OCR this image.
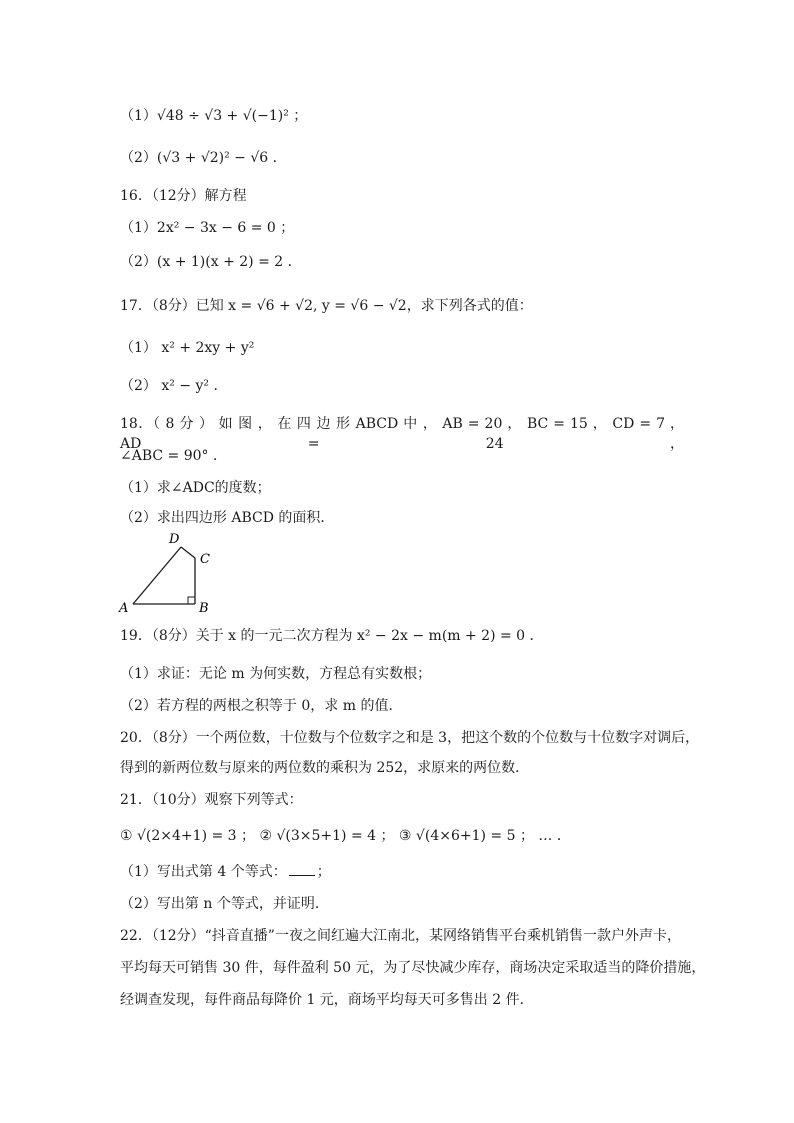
（1）√48 ÷ √3 + √(−1)² ；
（2）(√3 + √2)² − √6 ．
16．（12分）解方程
（1）2x² − 3x − 6 = 0 ；
（2）(x + 1)(x + 2) = 2 ．
17．（8分）已知 x = √6 + √2, y = √6 − √2，求下列各式的值：
（1） x² + 2xy + y²
（2） x² − y² ．
18．（ 8 分 ） 如 图 ， 在 四 边 形 ABCD 中 ， AB = 20 ， BC = 15 ， CD = 7 ， AD = 24 ，
∠ABC = 90° ．
（1）求∠ADC的度数；
（2）求出四边形 ABCD 的面积．
A	B
C
D
19．（8分）关于 x 的一元二次方程为 x² − 2x − m(m + 2) = 0 ．
（1）求证：无论 m 为何实数，方程总有实数根；
（2）若方程的两根之积等于 0，求 m 的值．
20．（8分）一个两位数，十位数与个位数字之和是 3，把这个数的个位数与十位数字对调后，
得到的新两位数与原来的两位数的乘积为 252，求原来的两位数．
21．（10分）观察下列等式：
① √(2×4+1) = 3 ； ② √(3×5+1) = 4 ； ③ √(4×6+1) = 5 ； … ．
（1）写出式第 4 个等式： ；
（2）写出第 n 个等式，并证明．
22．（12分）“抖音直播”一夜之间红遍大江南北，某网络销售平台乘机销售一款户外声卡，
平均每天可销售 30 件，每件盈利 50 元，为了尽快减少库存，商场决定采取适当的降价措施，
经调查发现，每件商品每降价 1 元，商场平均每天可多售出 2 件．
